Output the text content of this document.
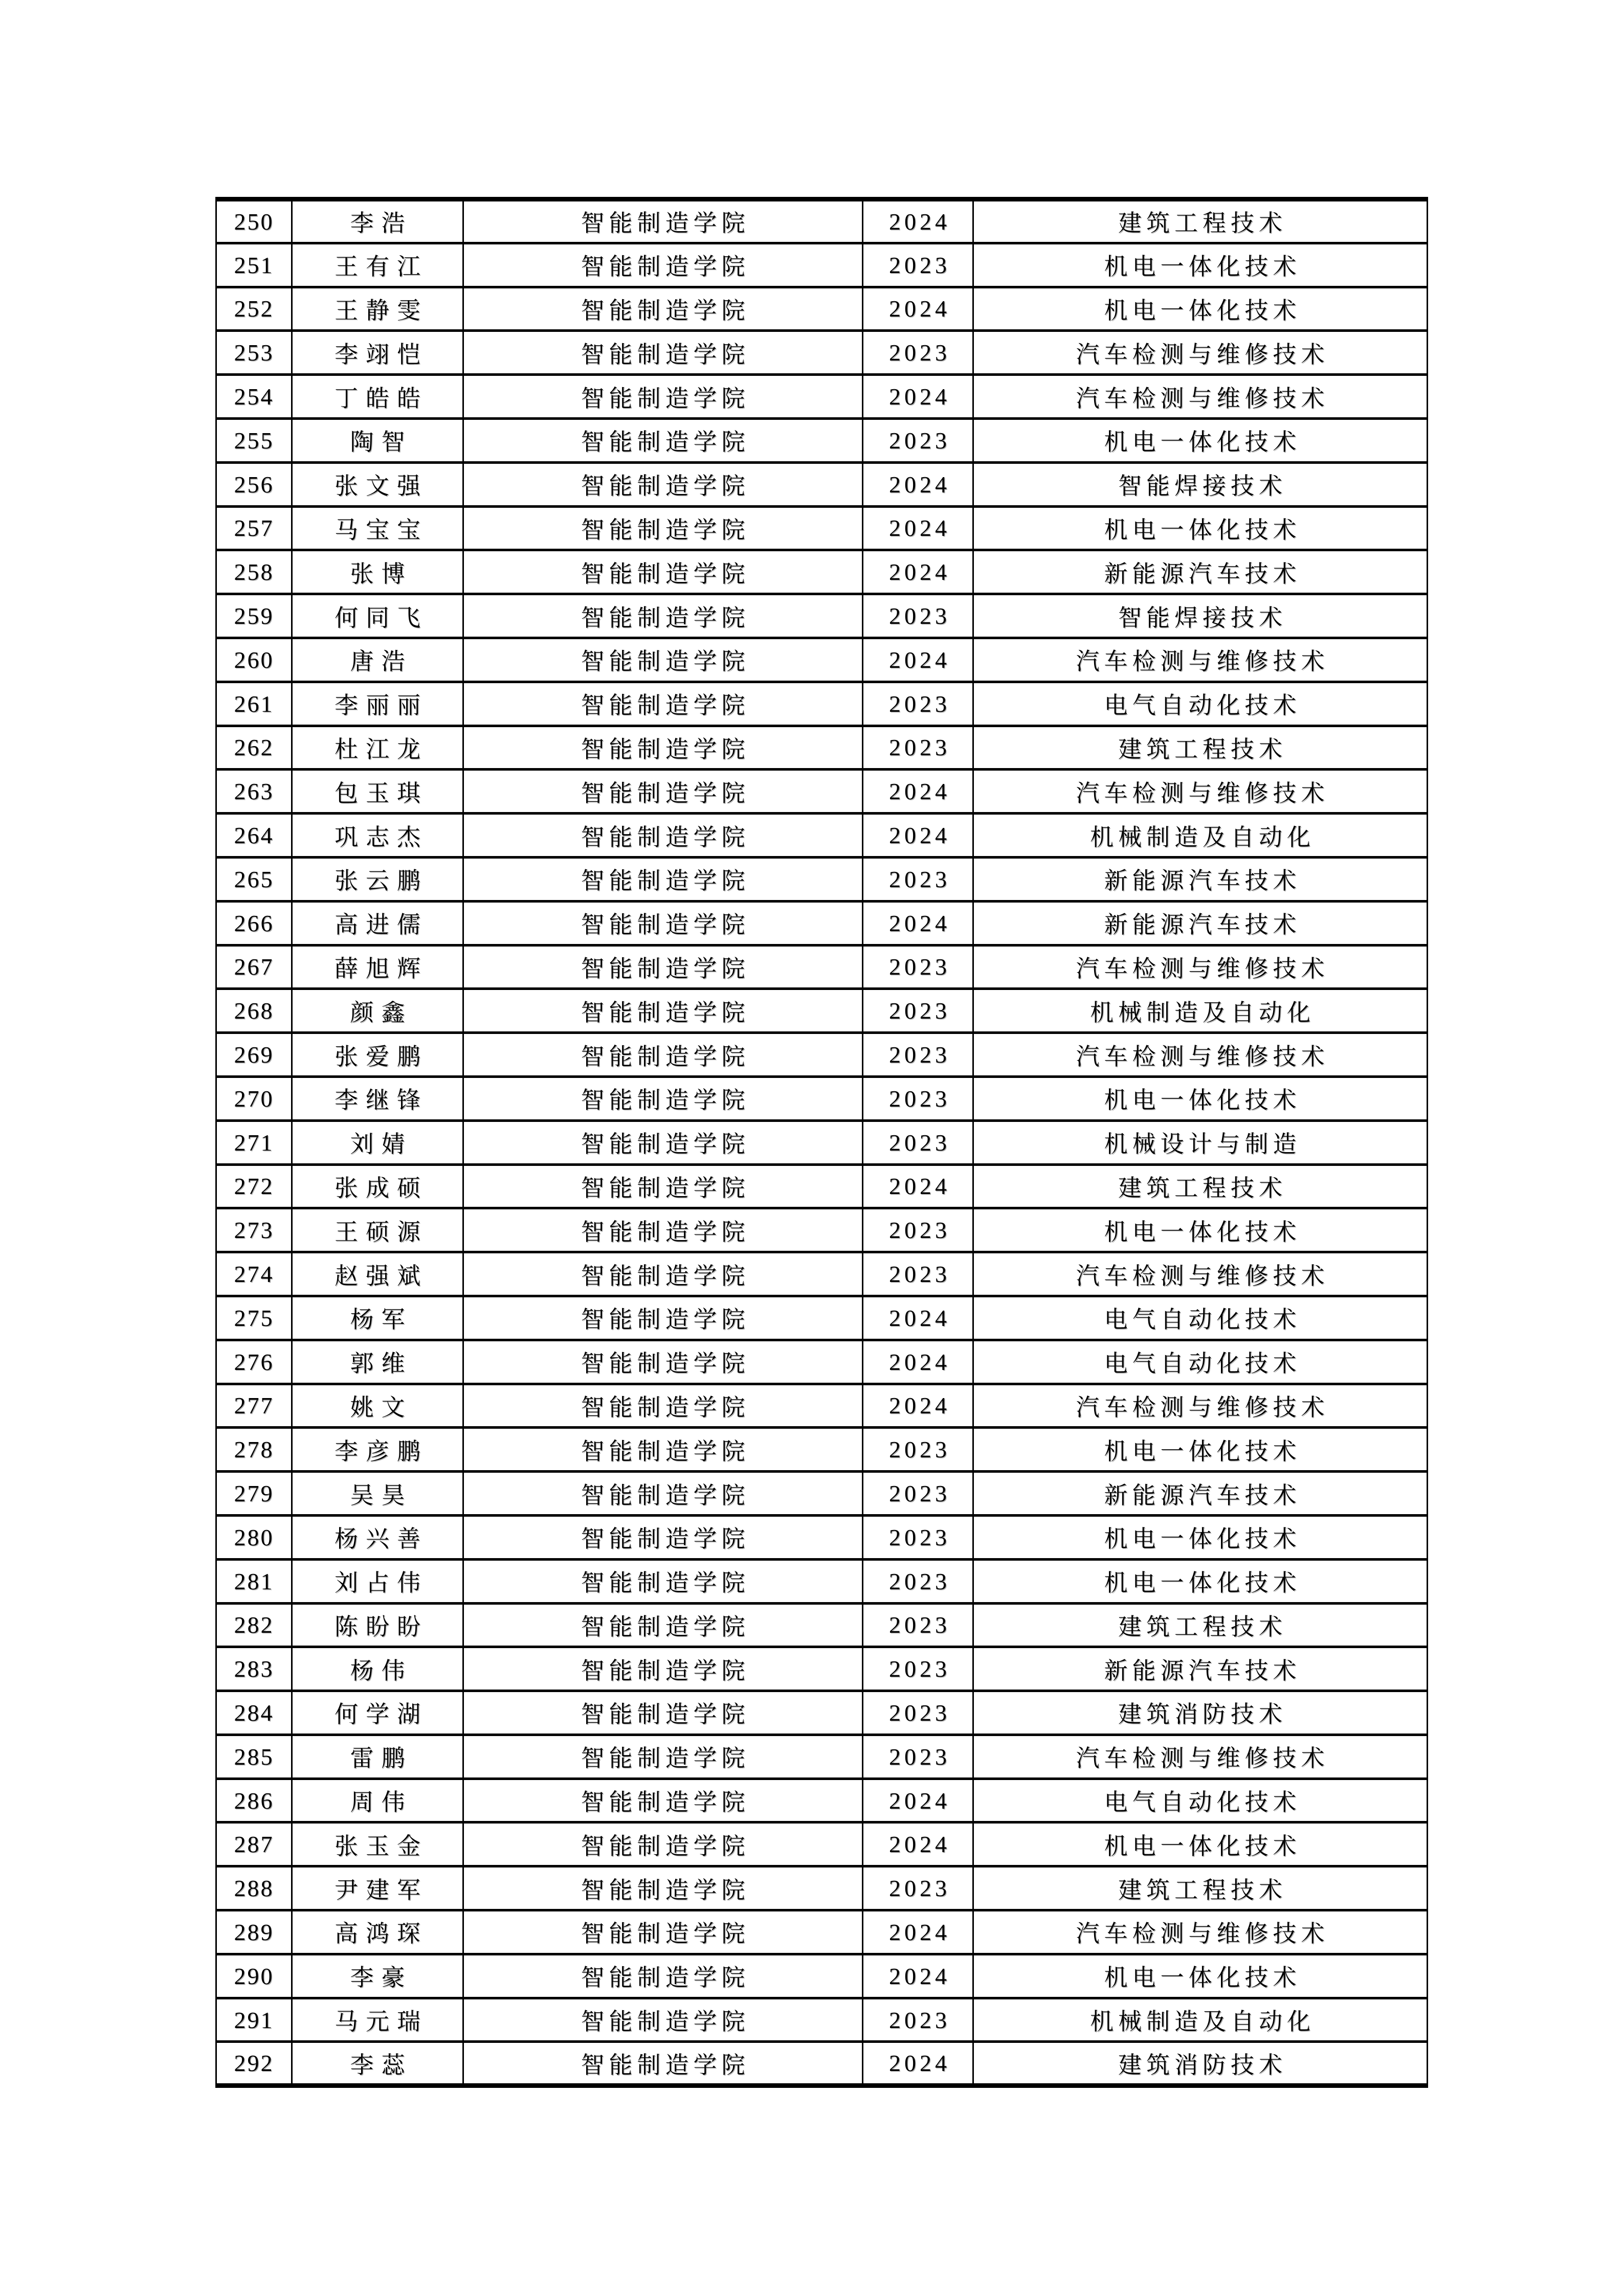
250	李浩	智能制造学院	2024	建筑工程技术
251	王有江	智能制造学院	2023	机电一体化技术
252	王静雯	智能制造学院	2024	机电一体化技术
253	李翊恺	智能制造学院	2023	汽车检测与维修技术
254	丁皓皓	智能制造学院	2024	汽车检测与维修技术
255	陶智	智能制造学院	2023	机电一体化技术
256	张文强	智能制造学院	2024	智能焊接技术
257	马宝宝	智能制造学院	2024	机电一体化技术
258	张博	智能制造学院	2024	新能源汽车技术
259	何同飞	智能制造学院	2023	智能焊接技术
260	唐浩	智能制造学院	2024	汽车检测与维修技术
261	李丽丽	智能制造学院	2023	电气自动化技术
262	杜江龙	智能制造学院	2023	建筑工程技术
263	包玉琪	智能制造学院	2024	汽车检测与维修技术
264	巩志杰	智能制造学院	2024	机械制造及自动化
265	张云鹏	智能制造学院	2023	新能源汽车技术
266	高进儒	智能制造学院	2024	新能源汽车技术
267	薛旭辉	智能制造学院	2023	汽车检测与维修技术
268	颜鑫	智能制造学院	2023	机械制造及自动化
269	张爱鹏	智能制造学院	2023	汽车检测与维修技术
270	李继锋	智能制造学院	2023	机电一体化技术
271	刘婧	智能制造学院	2023	机械设计与制造
272	张成硕	智能制造学院	2024	建筑工程技术
273	王硕源	智能制造学院	2023	机电一体化技术
274	赵强斌	智能制造学院	2023	汽车检测与维修技术
275	杨军	智能制造学院	2024	电气自动化技术
276	郭维	智能制造学院	2024	电气自动化技术
277	姚文	智能制造学院	2024	汽车检测与维修技术
278	李彦鹏	智能制造学院	2023	机电一体化技术
279	吴昊	智能制造学院	2023	新能源汽车技术
280	杨兴善	智能制造学院	2023	机电一体化技术
281	刘占伟	智能制造学院	2023	机电一体化技术
282	陈盼盼	智能制造学院	2023	建筑工程技术
283	杨伟	智能制造学院	2023	新能源汽车技术
284	何学湖	智能制造学院	2023	建筑消防技术
285	雷鹏	智能制造学院	2023	汽车检测与维修技术
286	周伟	智能制造学院	2024	电气自动化技术
287	张玉金	智能制造学院	2024	机电一体化技术
288	尹建军	智能制造学院	2023	建筑工程技术
289	高鸿琛	智能制造学院	2024	汽车检测与维修技术
290	李豪	智能制造学院	2024	机电一体化技术
291	马元瑞	智能制造学院	2023	机械制造及自动化
292	李蕊	智能制造学院	2024	建筑消防技术
